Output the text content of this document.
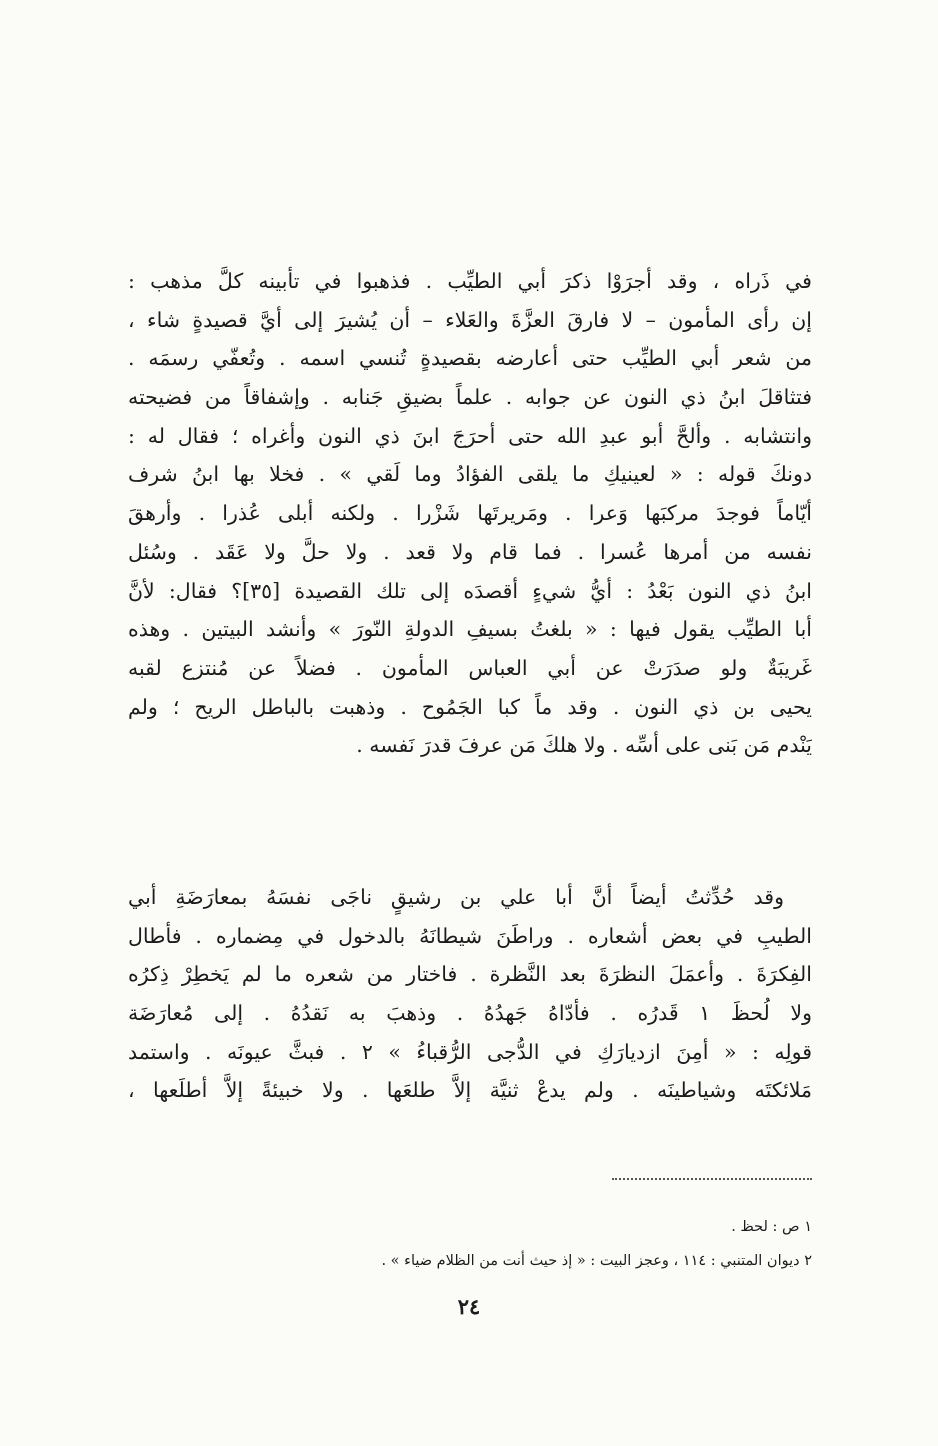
في ذَراه ، وقد أجرَوْا ذكرَ أبي الطيِّب . فذهبوا في تأبينه كلَّ مذهب :
إن رأى المأمون – لا فارقَ العزَّةَ والعَلاء – أن يُشيرَ إلى أيَّ قصيدةٍ شاء ،
من شعر أبي الطيِّب حتى أعارضه بقصيدةٍ تُنسي اسمه . وتُعفّي رسمَه .
فتثاقلَ ابنُ ذي النون عن جوابه . علماً بضيقِ جَنابه . وإشفاقاً من فضيحته
وانتشابه . وألحَّ أبو عبدِ الله حتى أحرَجَ ابنَ ذي النون وأغراه ؛ فقال له :
دونكَ قوله : « لعينيكِ ما يلقى الفؤادُ وما لَقي » . فخلا بها ابنُ شرف
أيّاماً فوجدَ مركبَها وَعرا . ومَريرتَها شَزْرا . ولكنه أبلى عُذرا . وأرهقَ
نفسه من أمرها عُسرا . فما قام ولا قعد . ولا حلَّ ولا عَقَد . وسُئل
ابنُ ذي النون بَعْدُ : أيُّ شيءٍ أقصدَه إلى تلك القصيدة [٣٥]؟ فقال: لأنَّ
أبا الطيِّب يقول فيها : « بلغتُ بسيفِ الدولةِ النّورَ » وأنشد البيتين . وهذه
غَريبَةٌ ولو صدَرَتْ عن أبي العباس المأمون . فضلاً عن مُنتزع لقبه
يحيى بن ذي النون . وقد ماً كبا الجَمُوح . وذهبت بالباطل الريح ؛ ولم
يَنْدم مَن بَنى على أسِّه . ولا هلكَ مَن عرفَ قدرَ نَفسه .
وقد حُدِّثتُ أيضاً أنَّ أبا علي بن رشيقٍ ناجَى نفسَهُ بمعارَضَةِ أبي
الطيبِ في بعض أشعاره . وراطَنَ شيطانَهُ بالدخول في مِضماره . فأطال
الفِكرَةَ . وأعمَلَ النظرَةَ بعد النَّظرة . فاختار من شعره ما لم يَخطِرْ ذِكرُه
ولا لُحظَ ١ قَدرُه . فأدّاهُ جَهدُهُ . وذهبَ به نَقدُهُ . إلى مُعارَضَة
قولِه : « أمِنَ ازديارَكِ في الدُّجى الرُّقباءُ » ٢ . فبثَّ عيونَه . واستمد
مَلائكتَه وشياطينَه . ولم يدعْ ثنيَّة إلاَّ طلعَها . ولا خبيئةً إلاَّ أطلَعها ،
١ ص : لحظ .
٢ ديوان المتنبي : ١١٤ ، وعجز البيت : « إذ حيث أنت من الظلام ضياء » .
٢٤
